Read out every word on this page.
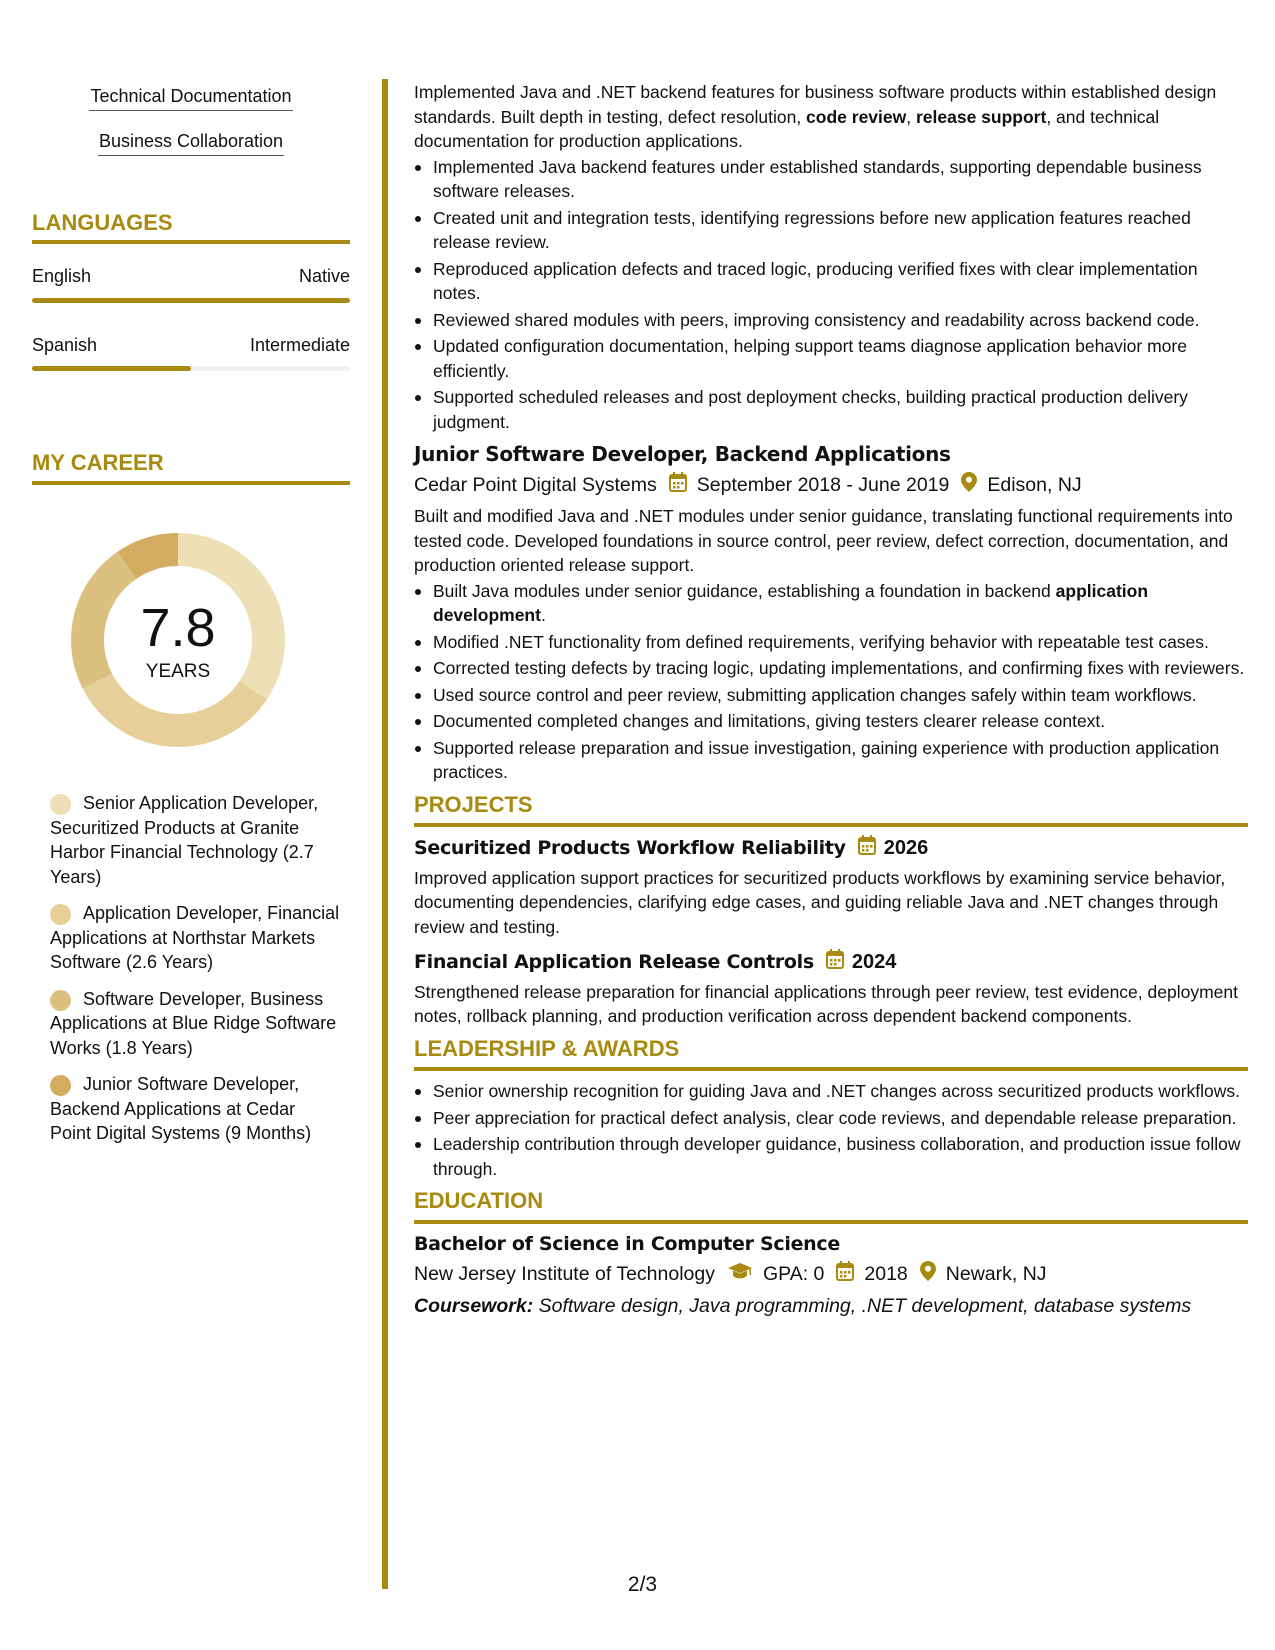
Technical Documentation
Business Collaboration
LANGUAGES
English	Native
Spanish	Intermediate
MY CAREER
7.8
YEARS
Senior Application Developer, Securitized Products at Granite Harbor Financial Technology (2.7 Years)
Application Developer, Financial Applications at Northstar Markets Software (2.6 Years)
Software Developer, Business Applications at Blue Ridge Software Works (1.8 Years)
Junior Software Developer, Backend Applications at Cedar Point Digital Systems (9 Months)
Implemented Java and .NET backend features for business software products within established design standards. Built depth in testing, defect resolution, code review, release support, and technical documentation for production applications.
Implemented Java backend features under established standards, supporting dependable business software releases.
Created unit and integration tests, identifying regressions before new application features reached release review.
Reproduced application defects and traced logic, producing verified fixes with clear implementation notes.
Reviewed shared modules with peers, improving consistency and readability across backend code.
Updated configuration documentation, helping support teams diagnose application behavior more efficiently.
Supported scheduled releases and post deployment checks, building practical production delivery judgment.
Junior Software Developer, Backend Applications
Cedar Point Digital Systems September 2018 - June 2019 Edison, NJ
Built and modified Java and .NET modules under senior guidance, translating functional requirements into tested code. Developed foundations in source control, peer review, defect correction, documentation, and production oriented release support.
Built Java modules under senior guidance, establishing a foundation in backend application development.
Modified .NET functionality from defined requirements, verifying behavior with repeatable test cases.
Corrected testing defects by tracing logic, updating implementations, and confirming fixes with reviewers.
Used source control and peer review, submitting application changes safely within team workflows.
Documented completed changes and limitations, giving testers clearer release context.
Supported release preparation and issue investigation, gaining experience with production application practices.
PROJECTS
Securitized Products Workflow Reliability 2026
Improved application support practices for securitized products workflows by examining service behavior, documenting dependencies, clarifying edge cases, and guiding reliable Java and .NET changes through review and testing.
Financial Application Release Controls 2024
Strengthened release preparation for financial applications through peer review, test evidence, deployment notes, rollback planning, and production verification across dependent backend components.
LEADERSHIP & AWARDS
Senior ownership recognition for guiding Java and .NET changes across securitized products workflows.
Peer appreciation for practical defect analysis, clear code reviews, and dependable release preparation.
Leadership contribution through developer guidance, business collaboration, and production issue follow through.
EDUCATION
Bachelor of Science in Computer Science
New Jersey Institute of Technology GPA: 0 2018 Newark, NJ
Coursework: Software design, Java programming, .NET development, database systems
2/3
